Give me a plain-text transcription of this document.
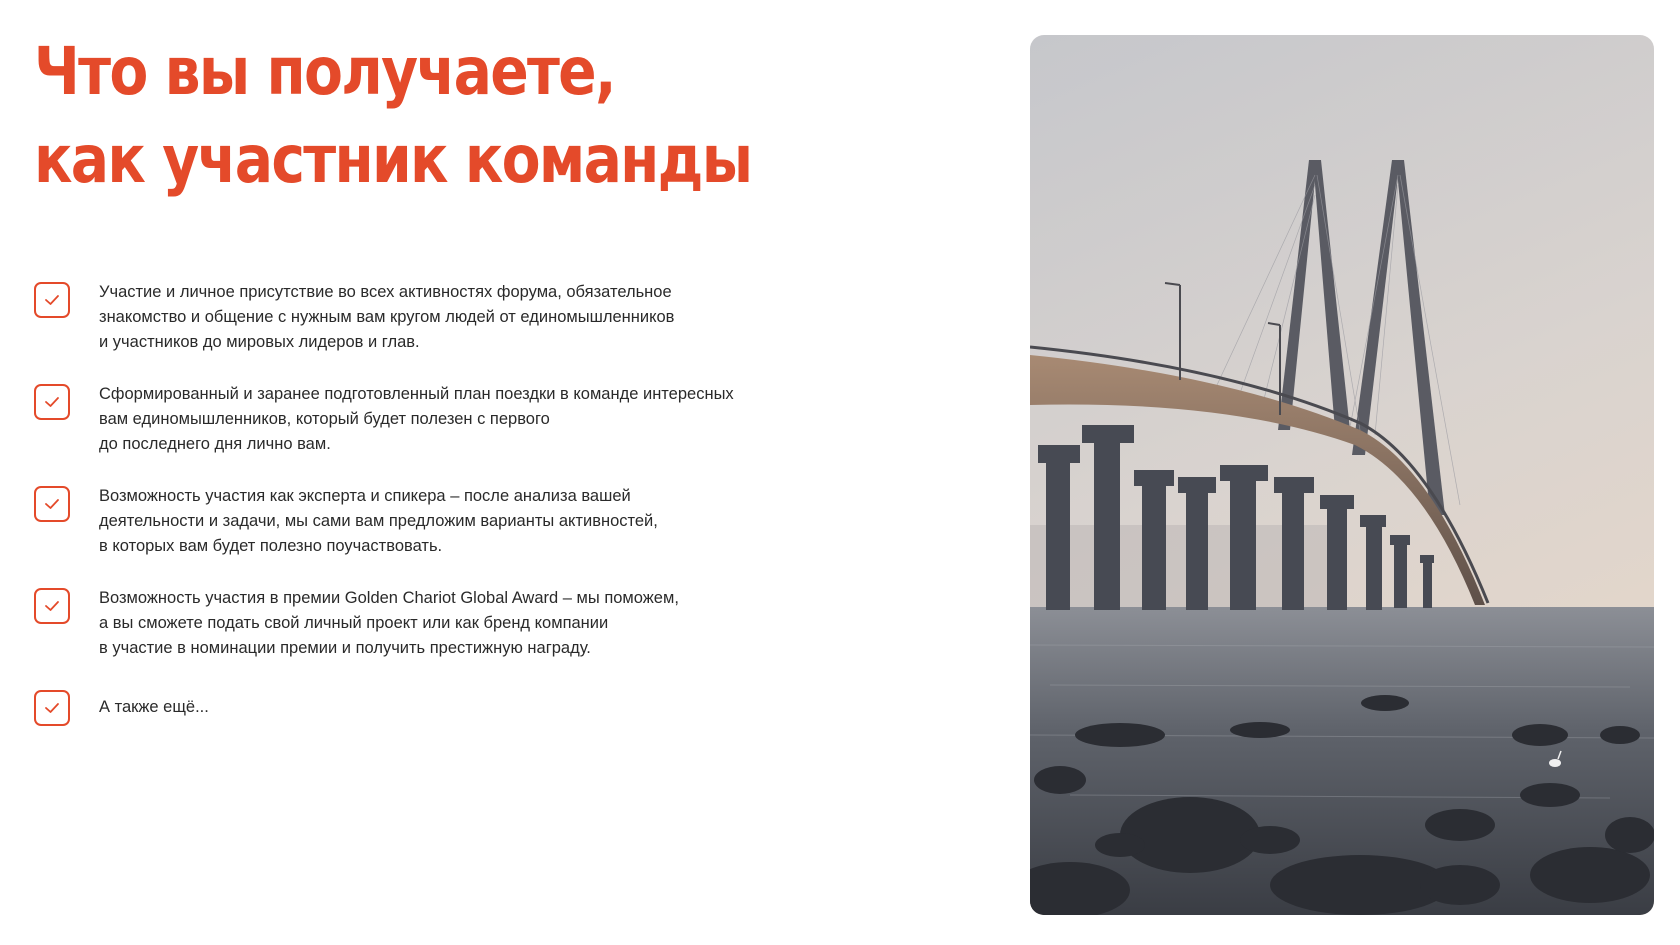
Что вы получаете,
как участник команды

Участие и личное присутствие во всех активностях форума, обязательное
знакомство и общение с нужным вам кругом людей от единомышленников
и участников до мировых лидеров и глав.

Сформированный и заранее подготовленный план поездки в команде интересных
вам единомышленников, который будет полезен с первого
до последнего дня лично вам.

Возможность участия как эксперта и спикера – после анализа вашей
деятельности и задачи, мы сами вам предложим варианты активностей,
в которых вам будет полезно поучаствовать.

Возможность участия в премии Golden Chariot Global Award – мы поможем,
а вы сможете подать свой личный проект или как бренд компании
в участие в номинации премии и получить престижную награду.

А также ещё...
